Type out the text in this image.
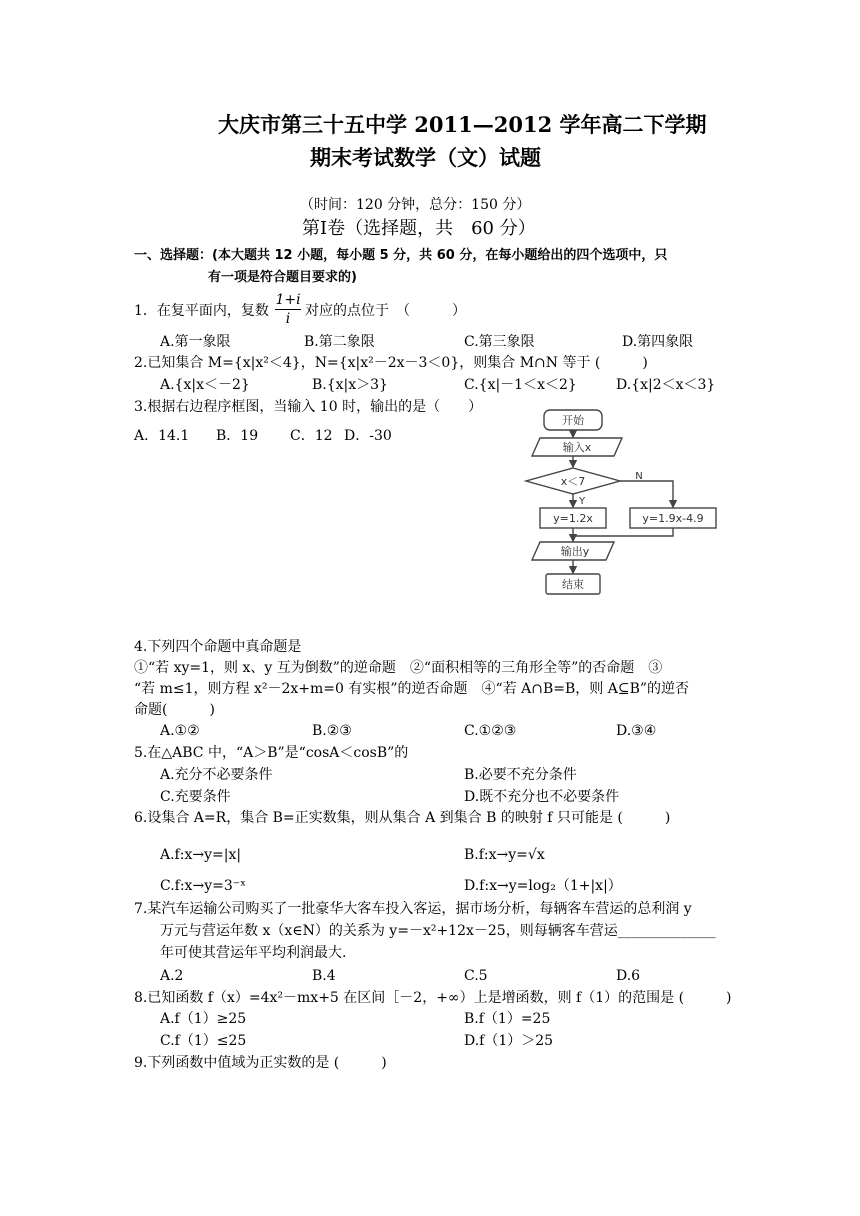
大庆市第三十五中学 2011—2012 学年高二下学期
期末考试数学（文）试题
（时间：120 分钟，总分：150 分）
第Ⅰ卷（选择题，共　60 分）
一、选择题：(本大题共 12 小题，每小题 5 分，共 60 分，在每小题给出的四个选项中，只
有一项是符合题目要求的)
1．在复平面内，复数
1+i
i	对应的点位于　（　　　）
A.第一象限	B.第二象限	C.第三象限	D.第四象限
2.已知集合 M={x|x²＜4}，N={x|x²－2x－3＜0}，则集合 M∩N 等于 (　　　)
A.{x|x＜－2}	B.{x|x＞3}	C.{x|－1＜x＜2}	D.{x|2＜x＜3}
3.根据右边程序框图，当输入 10 时，输出的是（　　）
A．14.1 B．19 C．12 D．-30
开始
输入x
x＜7
Y
N
y=1.2x	y=1.9x-4.9
输出y
结束
4.下列四个命题中真命题是
①“若 xy=1，则 x、y 互为倒数”的逆命题　②“面积相等的三角形全等”的否命题　③
“若 m≤1，则方程 x²－2x+m=0 有实根”的逆否命题　④“若 A∩B=B，则 A⊆B”的逆否
命题(　　　)
A.①②	B.②③	C.①②③	D.③④
5.在△ABC 中，“A＞B”是“cosA＜cosB”的
A.充分不必要条件	B.必要不充分条件
C.充要条件	D.既不充分也不必要条件
6.设集合 A=R，集合 B=正实数集，则从集合 A 到集合 B 的映射 f 只可能是 (　　　)
A.f:x→y=|x|	B.f:x→y=√x
C.f:x→y=3⁻ˣ	D.f:x→y=log₂（1+|x|）
7.某汽车运输公司购买了一批豪华大客车投入客运，据市场分析，每辆客车营运的总利润 y
万元与营运年数 x（x∈N）的关系为 y=－x²+12x－25，则每辆客车营运______________
年可使其营运年平均利润最大.
A.2	B.4	C.5	D.6
8.已知函数 f（x）=4x²－mx+5 在区间［－2，+∞）上是增函数，则 f（1）的范围是 (　　　)
A.f（1）≥25	B.f（1）=25
C.f（1）≤25	D.f（1）＞25
9.下列函数中值域为正实数的是 (　　　)
